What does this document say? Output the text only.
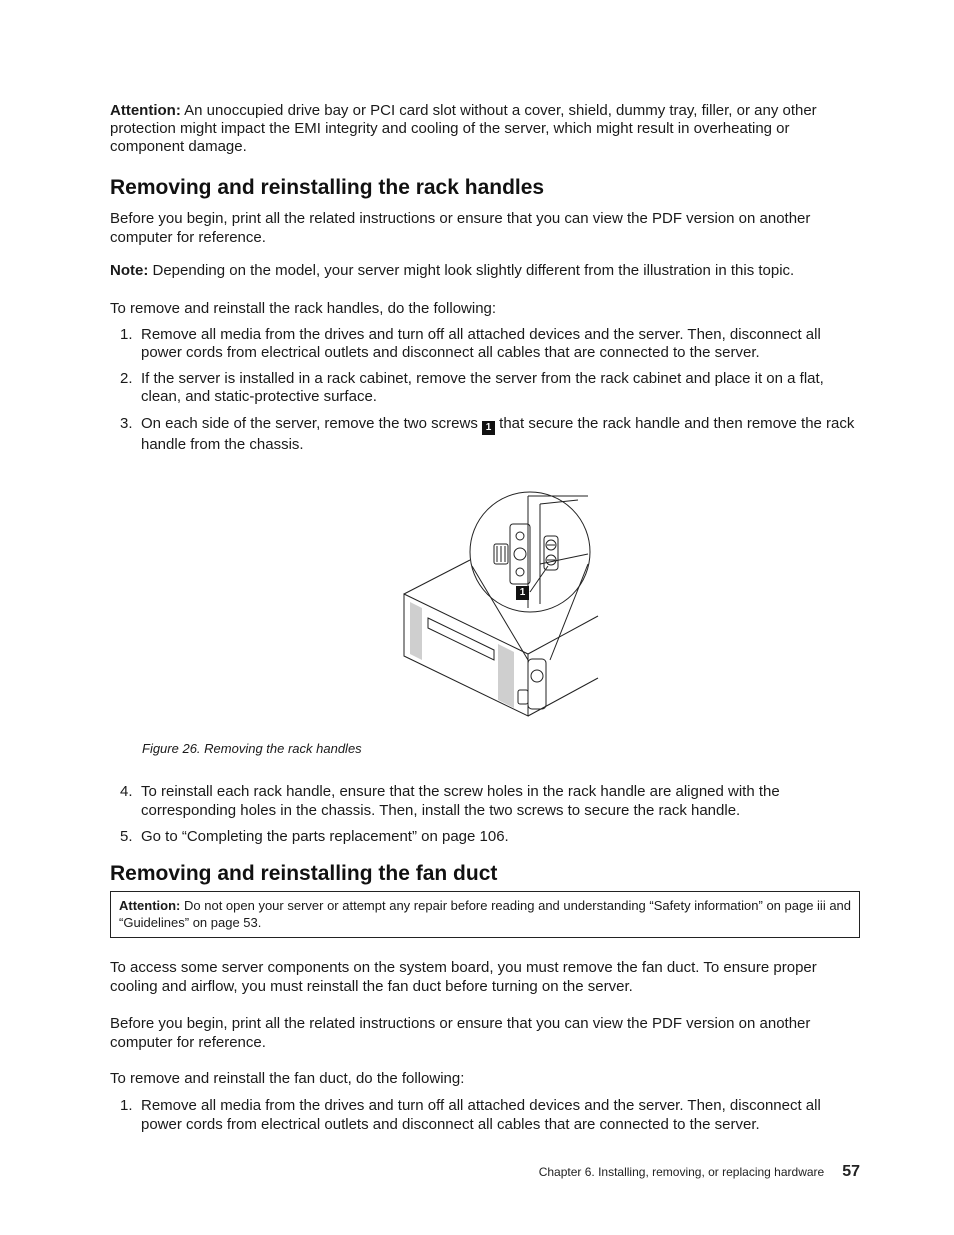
Attention: An unoccupied drive bay or PCI card slot without a cover, shield, dummy tray, filler, or any other protection might impact the EMI integrity and cooling of the server, which might result in overheating or component damage.

Removing and reinstalling the rack handles

Before you begin, print all the related instructions or ensure that you can view the PDF version on another computer for reference.

Note: Depending on the model, your server might look slightly different from the illustration in this topic.

To remove and reinstall the rack handles, do the following:

1. Remove all media from the drives and turn off all attached devices and the server. Then, disconnect all power cords from electrical outlets and disconnect all cables that are connected to the server.
2. If the server is installed in a rack cabinet, remove the server from the rack cabinet and place it on a flat, clean, and static-protective surface.
3. On each side of the server, remove the two screws 1 that secure the rack handle and then remove the rack handle from the chassis.
1

Figure 26. Removing the rack handles

4. To reinstall each rack handle, ensure that the screw holes in the rack handle are aligned with the corresponding holes in the chassis. Then, install the two screws to secure the rack handle.
5. Go to “Completing the parts replacement” on page 106.
Removing and reinstalling the fan duct
Attention: Do not open your server or attempt any repair before reading and understanding “Safety information” on page iii and “Guidelines” on page 53.

To access some server components on the system board, you must remove the fan duct. To ensure proper cooling and airflow, you must reinstall the fan duct before turning on the server.

Before you begin, print all the related instructions or ensure that you can view the PDF version on another computer for reference.

To remove and reinstall the fan duct, do the following:

1. Remove all media from the drives and turn off all attached devices and the server. Then, disconnect all power cords from electrical outlets and disconnect all cables that are connected to the server.
Chapter 6. Installing, removing, or replacing hardware 57
